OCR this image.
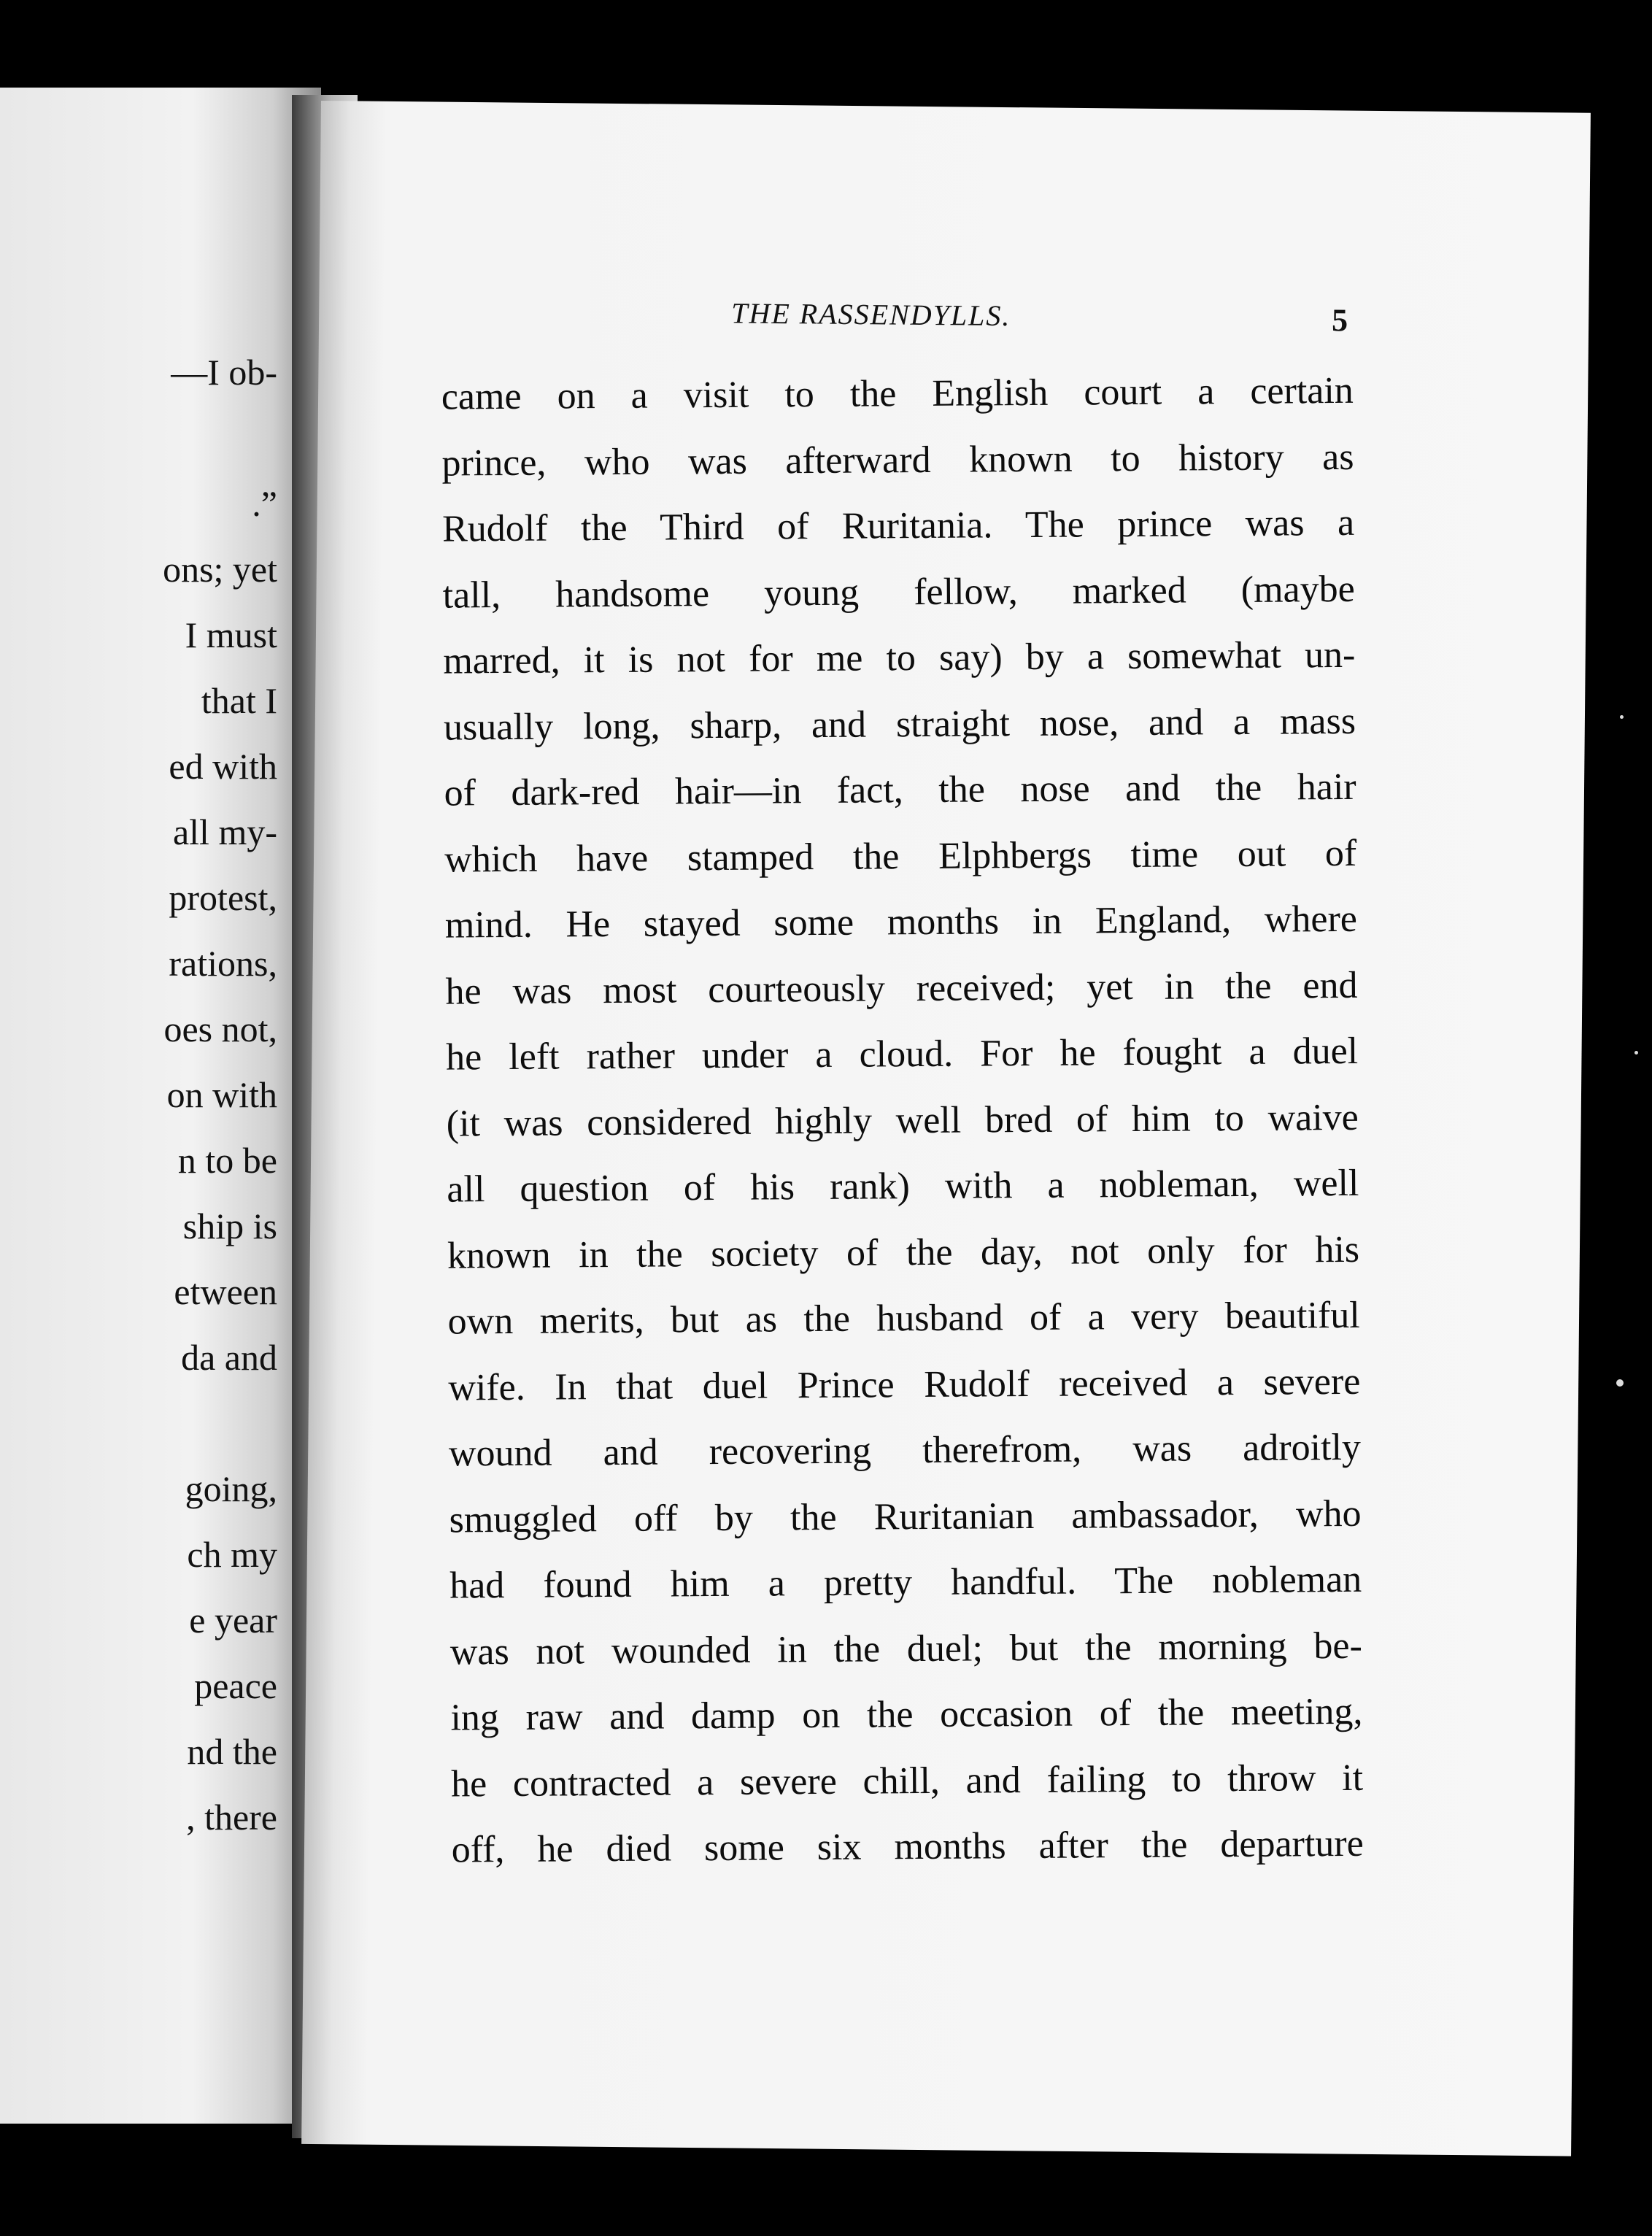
—I ob-
.”
ons; yet
I must
that I
ed with
all my-
protest,
rations,
oes not,
on with
n to be
ship is
etween
da and
going,
ch my
e year
peace
nd the
, there
THE RASSENDYLLS.	5
came on a visit to the English court a certain
prince, who was afterward known to history as
Rudolf the Third of Ruritania. The prince was a
tall, handsome young fellow, marked (maybe
marred, it is not for me to say) by a somewhat un-
usually long, sharp, and straight nose, and a mass
of dark-red hair—in fact, the nose and the hair
which have stamped the Elphbergs time out of
mind. He stayed some months in England, where
he was most courteously received; yet in the end
he left rather under a cloud. For he fought a duel
(it was considered highly well bred of him to waive
all question of his rank) with a nobleman, well
known in the society of the day, not only for his
own merits, but as the husband of a very beautiful
wife. In that duel Prince Rudolf received a severe
wound and recovering therefrom, was adroitly
smuggled off by the Ruritanian ambassador, who
had found him a pretty handful. The nobleman
was not wounded in the duel; but the morning be-
ing raw and damp on the occasion of the meeting,
he contracted a severe chill, and failing to throw it
off, he died some six months after the departure
